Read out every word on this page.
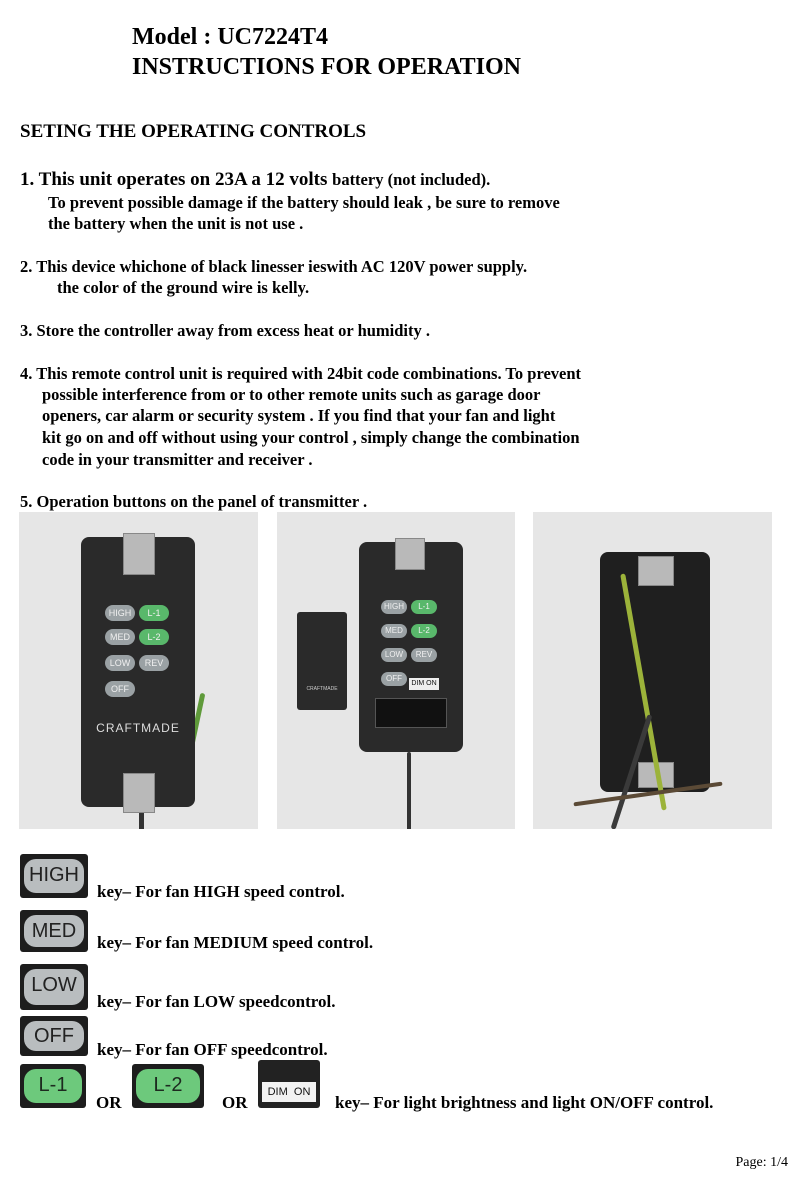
Model : UC7224T4
INSTRUCTIONS FOR OPERATION
SETING THE OPERATING CONTROLS
1. This unit operates on 23A a 12 volts battery (not included).
To prevent possible damage if the battery should leak , be sure to remove
the battery when the unit is not use .
2. This device whichone of black linesser ieswith AC 120V power supply.
the color of the ground wire is kelly.
3. Store the controller away from excess heat or humidity .
4. This remote control unit is required with 24bit code combinations. To prevent
possible interference from or to other remote units such as garage door
openers, car alarm or security system . If you find that your fan and light
kit go on and off without using your control , simply change the combination
code in your transmitter and receiver .
5. Operation buttons on the panel of transmitter .
HIGH	L-1
MED	L-2
LOW	REV
OFF
CRAFTMADE
CRAFTMADE
HIGH	L-1
MED	L-2
LOW	REV
OFF
DIM ON
HIGH
key– For fan HIGH speed control.
MED
key– For fan MEDIUM speed control.
LOW
key– For fan LOW speedcontrol.
OFF
key– For fan OFF speedcontrol.
L-1
OR
L-2
OR
DIM ON
key– For light brightness and light ON/OFF control.
Page: 1/4
